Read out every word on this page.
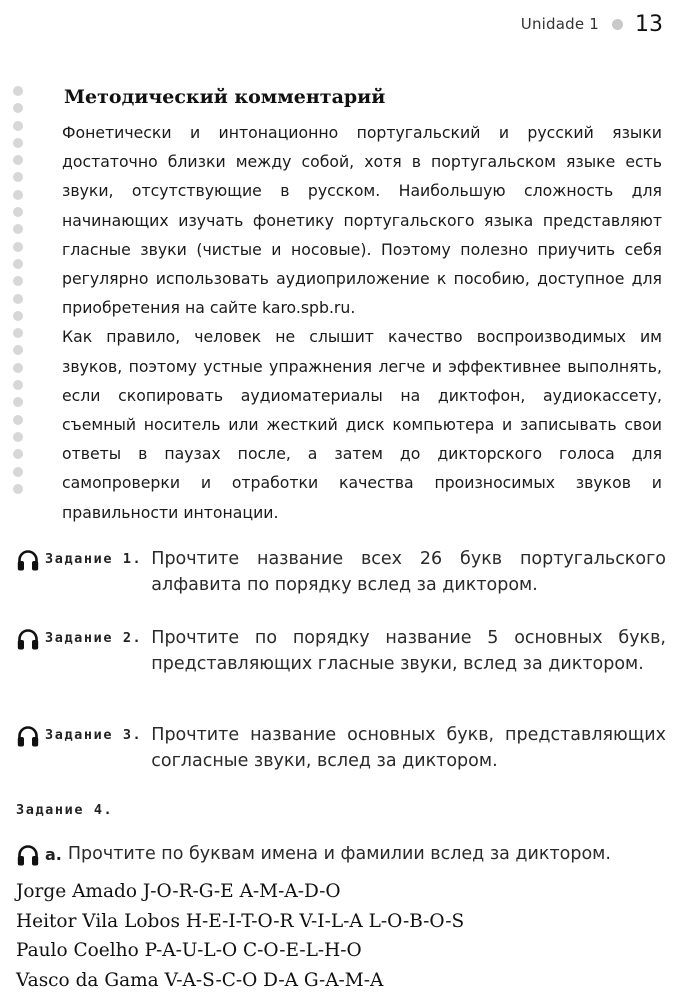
Unidade 1 13
Методический комментарий

Фонетически и интонационно португальский и русский языки достаточно близки между собой, хотя в португальском языке есть звуки, отсутствующие в русском. Наибольшую сложность для начинающих изучать фонетику португальского языка представляют гласные звуки (чистые и носовые). Поэтому полезно приучить себя регулярно использовать аудиоприложение к пособию, доступное для приобретения на сайте karo.spb.ru.

Как правило, человек не слышит качество воспроизводимых им звуков, поэтому устные упражнения легче и эффективнее выполнять, если скопировать аудиоматериалы на диктофон, аудиокассету, съемный носитель или жесткий диск компьютера и записывать свои ответы в паузах после, а затем до дикторского голоса для самопроверки и отработки качества произносимых звуков и правильности интонации.

Задание 1. Прочтите название всех 26 букв португальского алфавита по порядку вслед за диктором.
Задание 2. Прочтите по порядку название 5 основных букв, представляющих гласные звуки, вслед за диктором.
Задание 3. Прочтите название основных букв, представляющих согласные звуки, вслед за диктором.
Задание 4.
а. Прочтите по буквам имена и фамилии вслед за диктором.
Jorge Amado J-O-R-G-E A-M-A-D-O
Heitor Vila Lobos H-E-I-T-O-R V-I-L-A L-O-B-O-S
Paulo Coelho P-A-U-L-O C-O-E-L-H-O
Vasco da Gama V-A-S-C-O D-A G-A-M-A
